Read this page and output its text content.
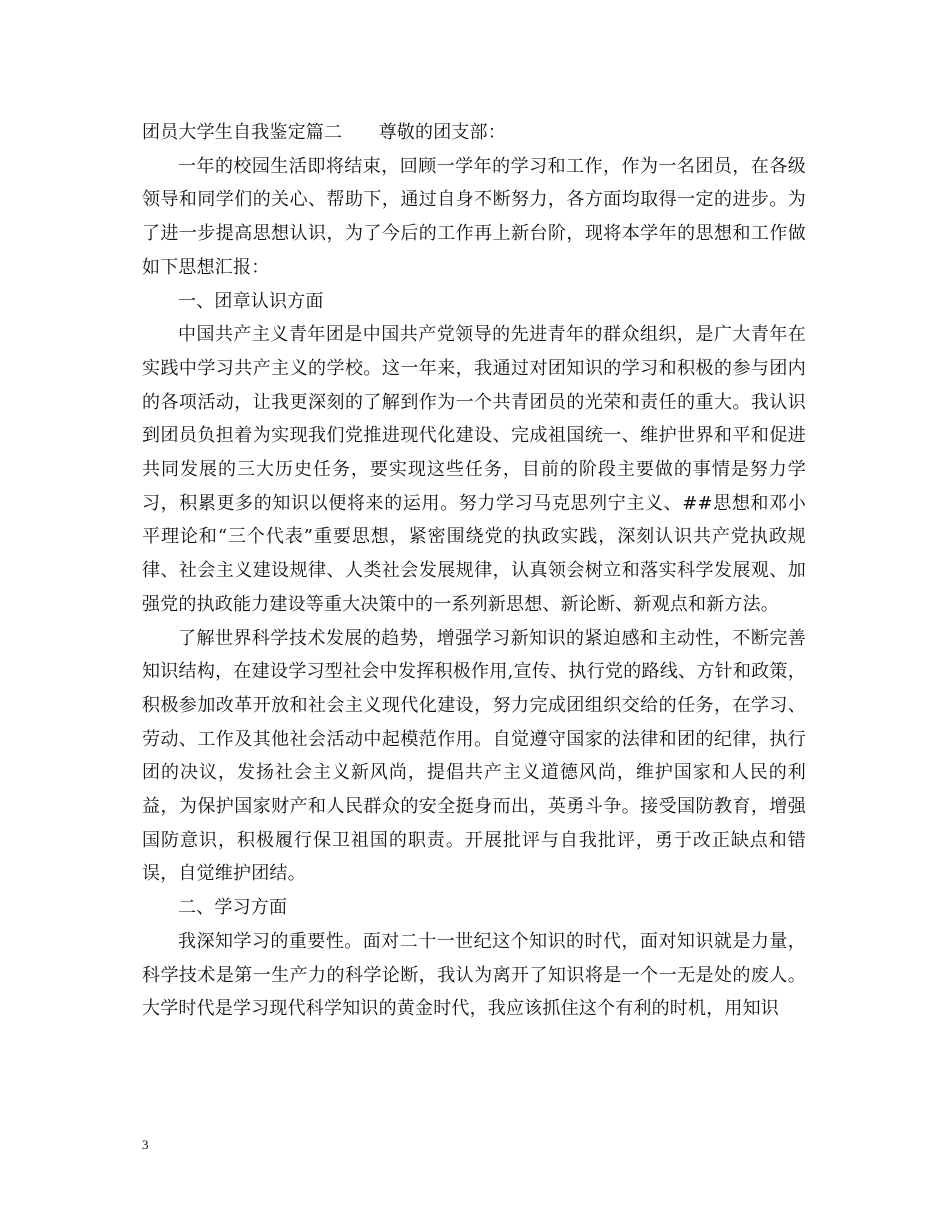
团员大学生自我鉴定篇二　　尊敬的团支部：

一年的校园生活即将结束，回顾一学年的学习和工作，作为一名团员，在各级领导和同学们的关心、帮助下，通过自身不断努力，各方面均取得一定的进步。为了进一步提高思想认识，为了今后的工作再上新台阶，现将本学年的思想和工作做如下思想汇报：

一、团章认识方面

中国共产主义青年团是中国共产党领导的先进青年的群众组织，是广大青年在实践中学习共产主义的学校。这一年来，我通过对团知识的学习和积极的参与团内的各项活动，让我更深刻的了解到作为一个共青团员的光荣和责任的重大。我认识到团员负担着为实现我们党推进现代化建设、完成祖国统一、维护世界和平和促进共同发展的三大历史任务，要实现这些任务，目前的阶段主要做的事情是努力学习，积累更多的知识以便将来的运用。努力学习马克思列宁主义、##思想和邓小平理论和“三个代表”重要思想，紧密围绕党的执政实践，深刻认识共产党执政规律、社会主义建设规律、人类社会发展规律，认真领会树立和落实科学发展观、加强党的执政能力建设等重大决策中的一系列新思想、新论断、新观点和新方法。

了解世界科学技术发展的趋势，增强学习新知识的紧迫感和主动性，不断完善知识结构，在建设学习型社会中发挥积极作用,宣传、执行党的路线、方针和政策，积极参加改革开放和社会主义现代化建设，努力完成团组织交给的任务，在学习、劳动、工作及其他社会活动中起模范作用。自觉遵守国家的法律和团的纪律，执行团的决议，发扬社会主义新风尚，提倡共产主义道德风尚，维护国家和人民的利益，为保护国家财产和人民群众的安全挺身而出，英勇斗争。接受国防教育，增强国防意识，积极履行保卫祖国的职责。开展批评与自我批评，勇于改正缺点和错误，自觉维护团结。

二、学习方面

我深知学习的重要性。面对二十一世纪这个知识的时代，面对知识就是力量，科学技术是第一生产力的科学论断，我认为离开了知识将是一个一无是处的废人。大学时代是学习现代科学知识的黄金时代，我应该抓住这个有利的时机，用知识

3
